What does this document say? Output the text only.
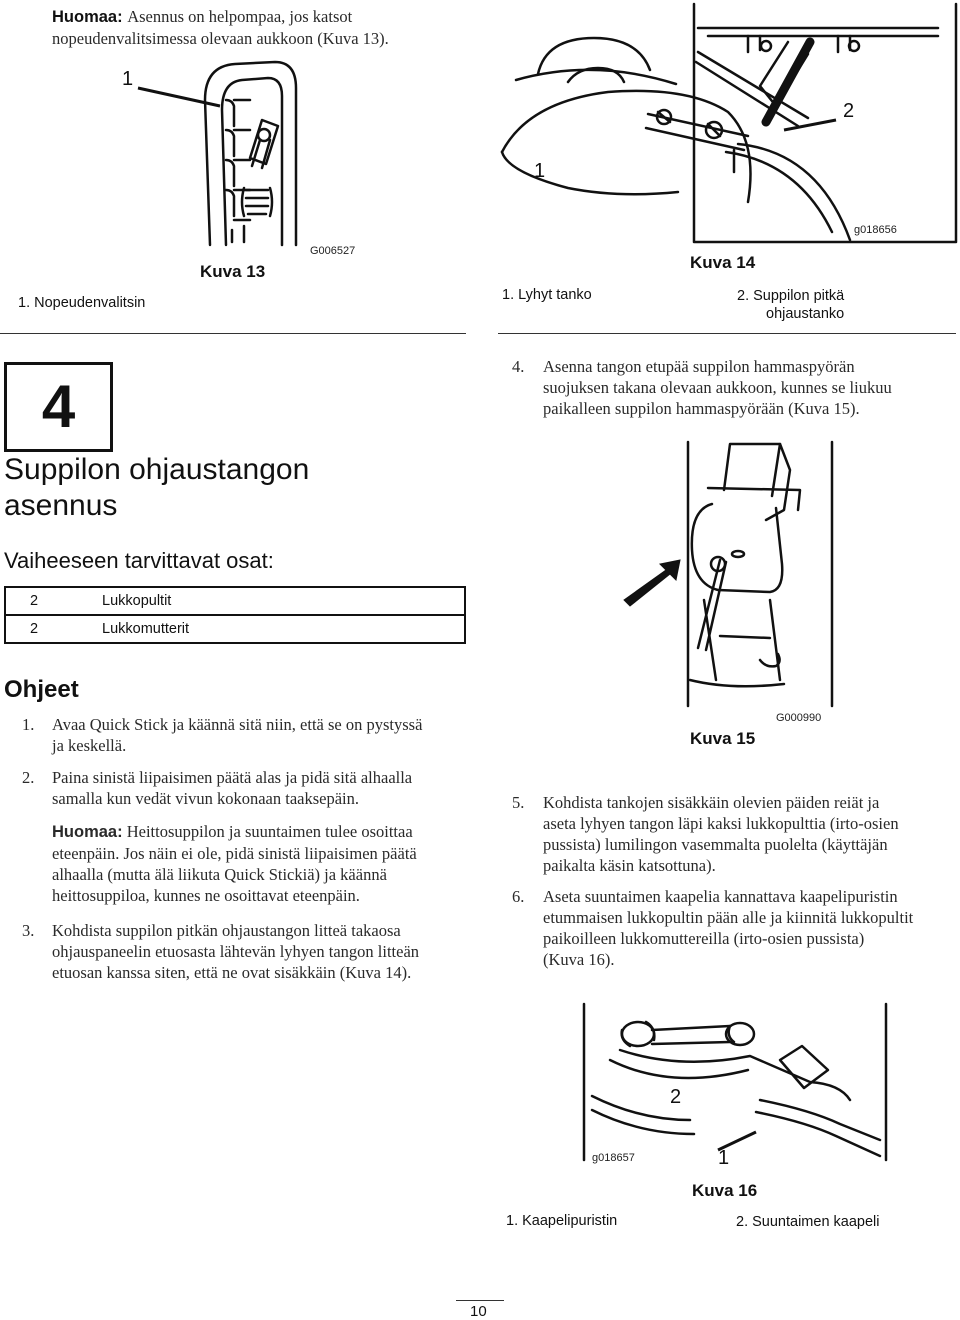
Huomaa: Asennus on helpompaa, jos katsot
nopeudenvalitsimessa olevaan aukkoon (Kuva 13).
1
G006527
Kuva 13
1. Nopeudenvalitsin
2
1
g018656
Kuva 14
1. Lyhyt tanko	2. Suppilon pitkä
ohjaustanko
4
Suppilon ohjaustangon
asennus
Vaiheeseen tarvittavat osat:
2	Lukkopultit
2	Lukkomutterit
Ohjeet
1. Avaa Quick Stick ja käännä sitä niin, että se on pystyssä
ja keskellä.
2. Paina sinistä liipaisimen päätä alas ja pidä sitä alhaalla
samalla kun vedät vivun kokonaan taaksepäin.
Huomaa: Heittosuppilon ja suuntaimen tulee osoittaa
eteenpäin. Jos näin ei ole, pidä sinistä liipaisimen päätä
alhaalla (mutta älä liikuta Quick Stickiä) ja käännä
heittosuppiloa, kunnes ne osoittavat eteenpäin.
3. Kohdista suppilon pitkän ohjaustangon litteä takaosa
ohjauspaneelin etuosasta lähtevän lyhyen tangon litteän
etuosan kanssa siten, että ne ovat sisäkkäin (Kuva 14).
4. Asenna tangon etupää suppilon hammaspyörän
suojuksen takana olevaan aukkoon, kunnes se liukuu
paikalleen suppilon hammaspyörään (Kuva 15).
G000990
Kuva 15
5. Kohdista tankojen sisäkkäin olevien päiden reiät ja
aseta lyhyen tangon läpi kaksi lukkopulttia (irto-osien
pussista) lumilingon vasemmalta puolelta (käyttäjän
paikalta käsin katsottuna).
6. Aseta suuntaimen kaapelia kannattava kaapelipuristin
etummaisen lukkopultin pään alle ja kiinnitä lukkopultit
paikoilleen lukkomuttereilla (irto-osien pussista)
(Kuva 16).
2
g018657	1
Kuva 16
1. Kaapelipuristin	2. Suuntaimen kaapeli
10
